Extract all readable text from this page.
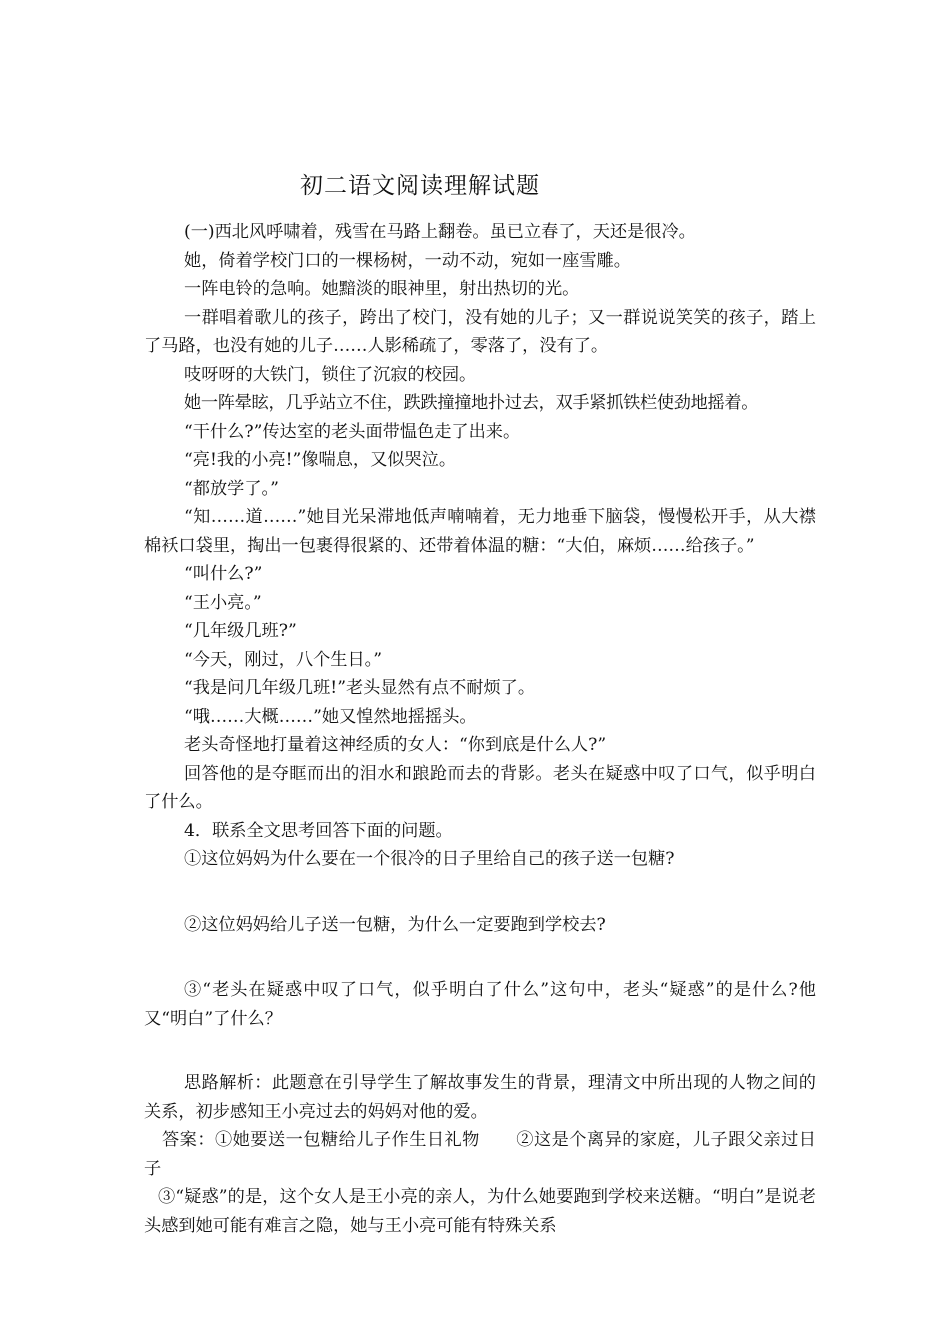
初二语文阅读理解试题

(一)西北风呼啸着，残雪在马路上翻卷。虽已立春了，天还是很冷。

她，倚着学校门口的一棵杨树，一动不动，宛如一座雪雕。

一阵电铃的急响。她黯淡的眼神里，射出热切的光。

一群唱着歌儿的孩子，跨出了校门，没有她的儿子；又一群说说笑笑的孩子，踏上了马路，也没有她的儿子……人影稀疏了，零落了，没有了。

吱呀呀的大铁门，锁住了沉寂的校园。

她一阵晕眩，几乎站立不住，跌跌撞撞地扑过去，双手紧抓铁栏使劲地摇着。

“干什么?”传达室的老头面带愠色走了出来。

“亮!我的小亮!”像喘息，又似哭泣。

“都放学了。”

“知……道……”她目光呆滞地低声喃喃着，无力地垂下脑袋，慢慢松开手，从大襟棉袄口袋里，掏出一包裹得很紧的、还带着体温的糖：“大伯，麻烦……给孩子。”

“叫什么?”

“王小亮。”

“几年级几班?”

“今天，刚过，八个生日。”

“我是问几年级几班!”老头显然有点不耐烦了。

“哦……大概……”她又惶然地摇摇头。

老头奇怪地打量着这神经质的女人：“你到底是什么人?”

回答他的是夺眶而出的泪水和踉跄而去的背影。老头在疑惑中叹了口气，似乎明白了什么。

4．联系全文思考回答下面的问题。

①这位妈妈为什么要在一个很冷的日子里给自己的孩子送一包糖?

②这位妈妈给儿子送一包糖，为什么一定要跑到学校去?

③“老头在疑惑中叹了口气，似乎明白了什么”这句中，老头“疑惑”的是什么?他又“明白”了什么？

思路解析：此题意在引导学生了解故事发生的背景，理清文中所出现的人物之间的关系，初步感知王小亮过去的妈妈对他的爱。

答案：①她要送一包糖给儿子作生日礼物 ②这是个离异的家庭，儿子跟父亲过日子

③“疑惑”的是，这个女人是王小亮的亲人，为什么她要跑到学校来送糖。“明白”是说老头感到她可能有难言之隐，她与王小亮可能有特殊关系
